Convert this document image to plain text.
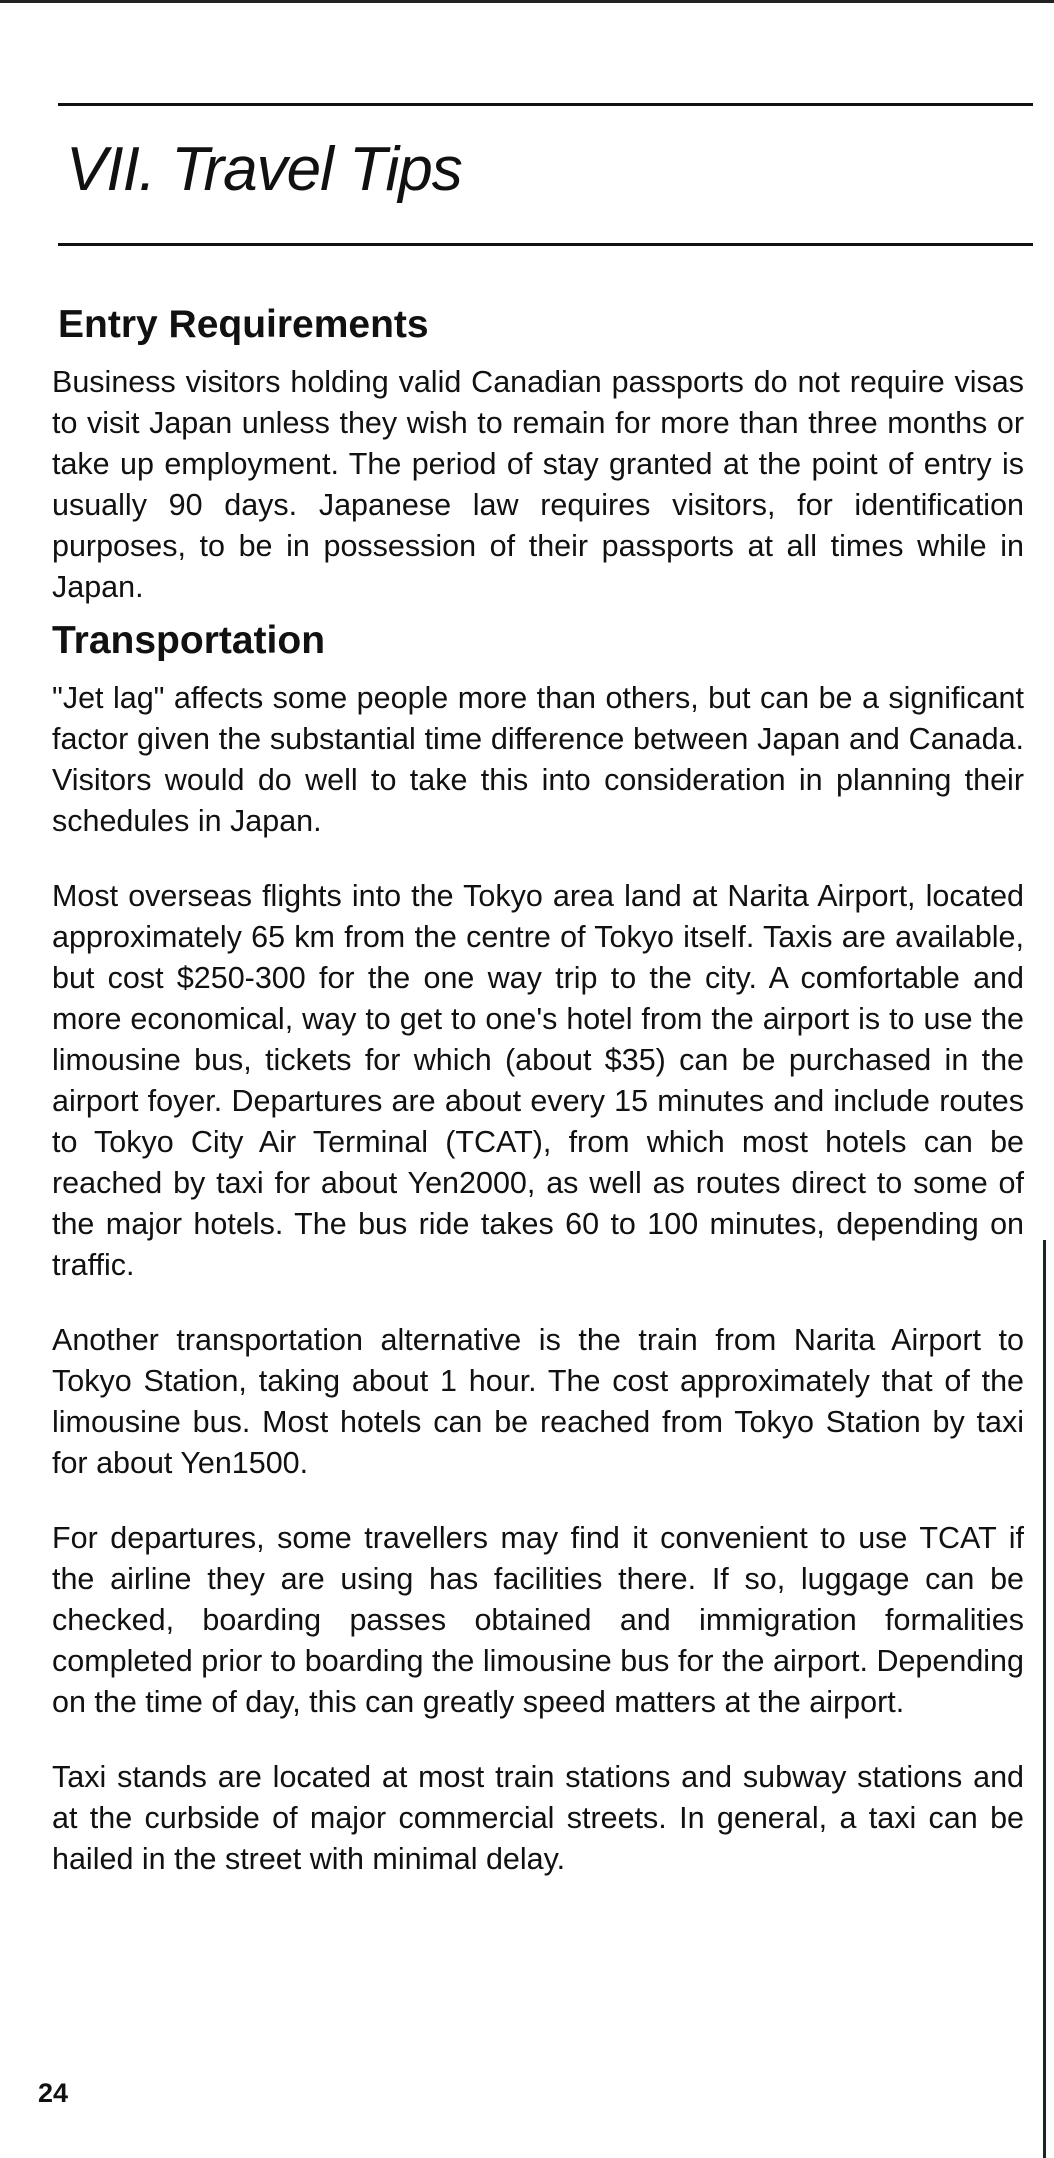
VII. Travel Tips
Entry Requirements

Business visitors holding valid Canadian passports do not require visas to visit Japan unless they wish to remain for more than three months or take up employment. The period of stay granted at the point of entry is usually 90 days. Japanese law requires visitors, for identification purposes, to be in possession of their passports at all times while in Japan.

Transportation

"Jet lag" affects some people more than others, but can be a significant factor given the substantial time difference between Japan and Canada. Visitors would do well to take this into consideration in planning their schedules in Japan.

Most overseas flights into the Tokyo area land at Narita Airport, located approximately 65 km from the centre of Tokyo itself. Taxis are available, but cost $250-300 for the one way trip to the city. A comfortable and more economical, way to get to one's hotel from the airport is to use the limousine bus, tickets for which (about $35) can be purchased in the airport foyer. Departures are about every 15 minutes and include routes to Tokyo City Air Terminal (TCAT), from which most hotels can be reached by taxi for about Yen2000, as well as routes direct to some of the major hotels. The bus ride takes 60 to 100 minutes, depending on traffic.

Another transportation alternative is the train from Narita Airport to Tokyo Station, taking about 1 hour. The cost approximately that of the limousine bus. Most hotels can be reached from Tokyo Station by taxi for about Yen1500.

For departures, some travellers may find it convenient to use TCAT if the airline they are using has facilities there. If so, luggage can be checked, boarding passes obtained and immigration formalities completed prior to boarding the limousine bus for the airport. Depending on the time of day, this can greatly speed matters at the airport.

Taxi stands are located at most train stations and subway stations and at the curbside of major commercial streets. In general, a taxi can be hailed in the street with minimal delay.

24
